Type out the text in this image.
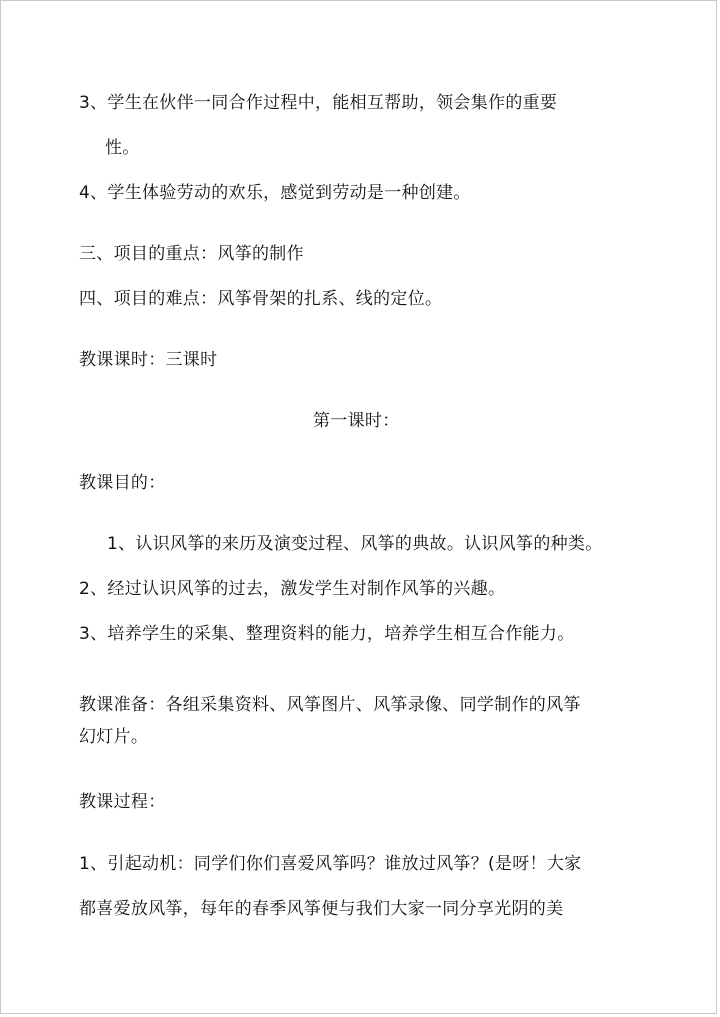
3、学生在伙伴一同合作过程中，能相互帮助，领会集作的重要
性。
4、学生体验劳动的欢乐，感觉到劳动是一种创建。
三、项目的重点：风筝的制作
四、项目的难点：风筝骨架的扎系、线的定位。
教课课时：三课时
第一课时：
教课目的：
1、认识风筝的来历及演变过程、风筝的典故。认识风筝的种类。
2、经过认识风筝的过去，激发学生对制作风筝的兴趣。
3、培养学生的采集、整理资料的能力，培养学生相互合作能力。
教课准备：各组采集资料、风筝图片、风筝录像、同学制作的风筝
幻灯片。
教课过程：
1、引起动机：同学们你们喜爱风筝吗？谁放过风筝？(是呀！大家
都喜爱放风筝，每年的春季风筝便与我们大家一同分享光阴的美
